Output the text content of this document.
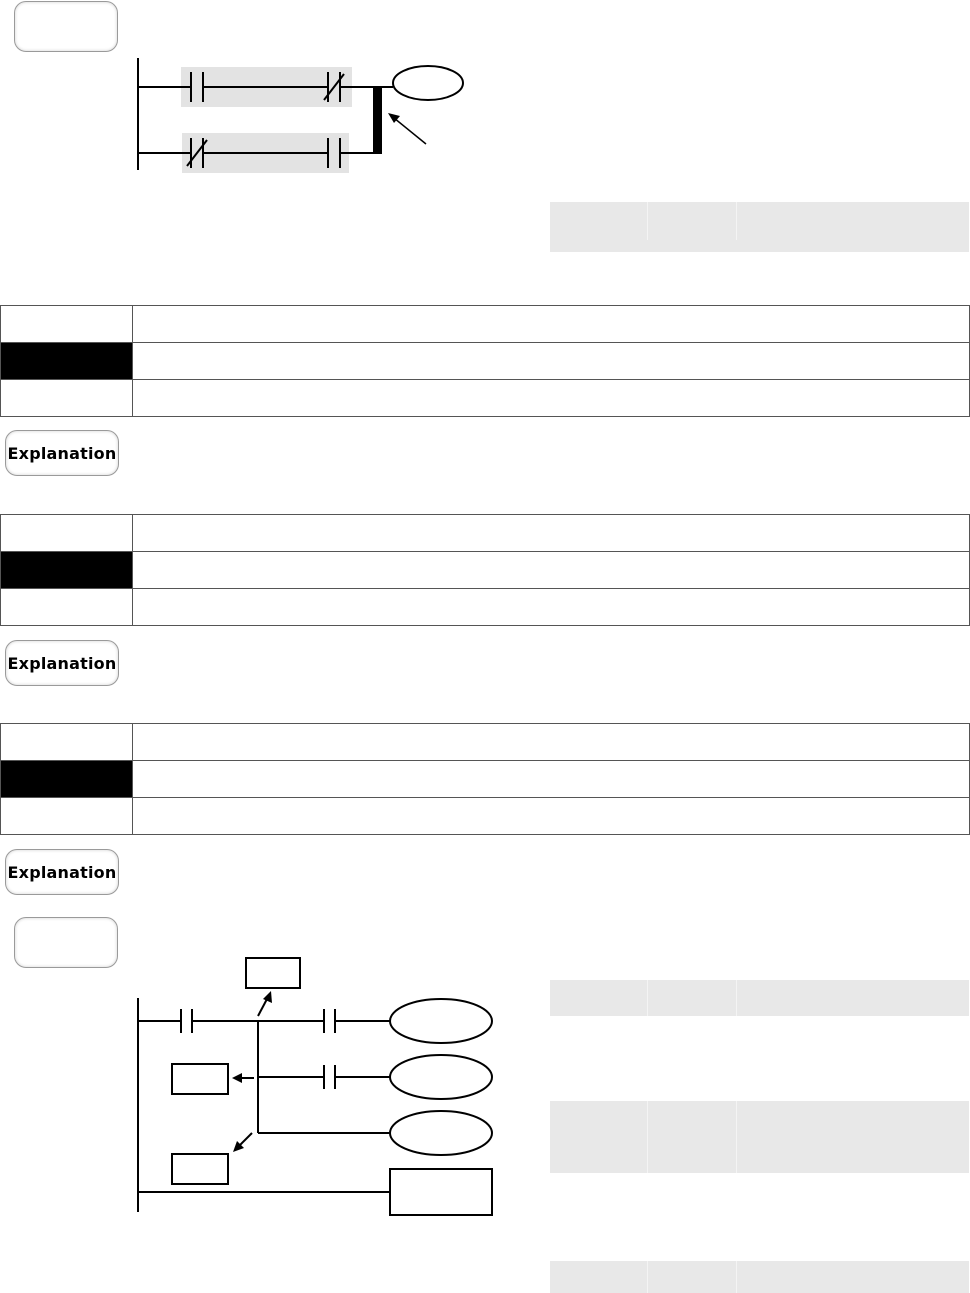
Explanation

Explanation

Explanation
